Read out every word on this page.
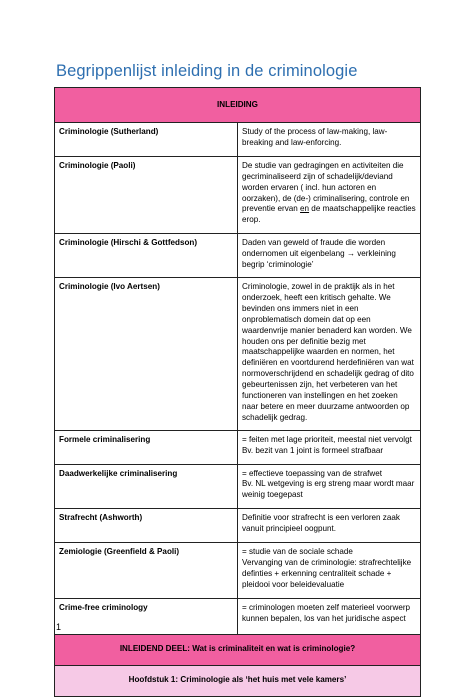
Begrippenlijst inleiding in de criminologie
INLEIDING	
Criminologie (Sutherland)	Study of the process of law-making, law-breaking and law-enforcing.

Criminologie (Paoli)	De studie van gedragingen en activiteiten die gecriminaliseerd zijn of schadelijk/deviand worden ervaren ( incl. hun actoren en oorzaken), de (de-) criminalisering, controle en preventie ervan en de maatschappelijke reacties erop.

Criminologie (Hirschi & Gottfedson)	Daden van geweld of fraude die worden ondernomen uit eigenbelang → verkleining begrip ‘criminologie’

Criminologie (Ivo Aertsen)	Criminologie, zowel in de praktijk als in het onderzoek, heeft een kritisch gehalte. We bevinden ons immers niet in een onproblematisch domein dat op een waardenvrije manier benaderd kan worden. We houden ons per definitie bezig met maatschappelijke waarden en normen, het definiëren en voortdurend herdefiniëren van wat normoverschrijdend en schadelijk gedrag of dito gebeurtenissen zijn, het verbeteren van het functioneren van instellingen en het zoeken naar betere en meer duurzame antwoorden op schadelijk gedrag.

Formele criminalisering	= feiten met lage prioriteit, meestal niet vervolgt
Bv. bezit van 1 joint is formeel strafbaar

Daadwerkelijke criminalisering	= effectieve toepassing van de strafwet
Bv. NL wetgeving is erg streng maar wordt maar weinig toegepast

Strafrecht (Ashworth)	Definitie voor strafrecht is een verloren zaak vanuit principieel oogpunt.

Zemiologie (Greenfield & Paoli)	= studie van de sociale schade
Vervanging van de criminologie: strafrechtelijke definties + erkenning centraliteit schade + pleidooi voor beleidevaluatie

Crime-free criminology	= criminologen moeten zelf materieel voorwerp kunnen bepalen, los van het juridische aspect

INLEIDEND DEEL: Wat is criminaliteit en wat is criminologie?	
Hoofdstuk 1: Criminologie als ‘het huis met vele kamers’	
1
